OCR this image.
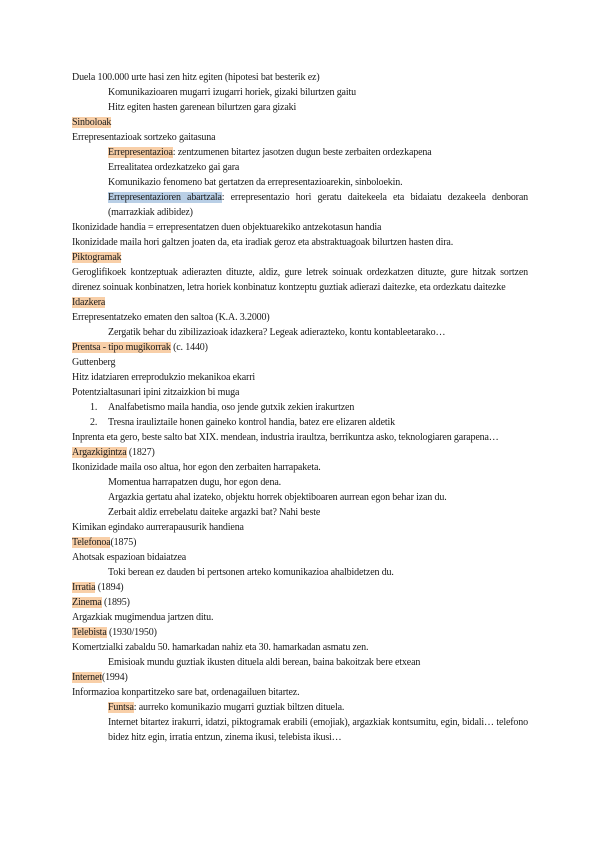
Duela 100.000 urte hasi zen hitz egiten (hipotesi bat besterik ez)

Komunikazioaren mugarri izugarri horiek, gizaki bilurtzen gaitu

Hitz egiten hasten garenean bilurtzen gara gizaki

Sinboloak

Errepresentazioak sortzeko gaitasuna

Errepresentazioa: zentzumenen bitartez jasotzen dugun beste zerbaiten ordezkapena

Errealitatea ordezkatzeko gai gara

Komunikazio fenomeno bat gertatzen da errepresentazioarekin, sinboloekin.

Errepresentazioren abartzala: errepresentazio hori geratu daitekeela eta bidaiatu dezakeela denboran (marrazkiak adibidez)

Ikonizidade handia = errepresentatzen duen objektuarekiko antzekotasun handia

Ikonizidade maila hori galtzen joaten da, eta iradiak geroz eta abstraktuagoak bilurtzen hasten dira.

Piktogramak

Geroglifikoek kontzeptuak adierazten dituzte, aldiz, gure letrek soinuak ordezkatzen dituzte, gure hitzak sortzen direnez soinuak konbinatzen, letra horiek konbinatuz kontzeptu guztiak adierazi daitezke, eta ordezkatu daitezke

Idazkera

Errepresentatzeko ematen den saltoa (K.A. 3.2000)

Zergatik behar du zibilizazioak idazkera? Legeak adierazteko, kontu kontableetarako…

Prentsa - tipo mugikorrak (c. 1440)

Guttenberg

Hitz idatziaren erreprodukzio mekanikoa ekarri

Potentzialtasunari ipini zitzaizkion bi muga

1. Analfabetismo maila handia, oso jende gutxik zekien irakurtzen

2. Tresna irauliztaile honen gaineko kontrol handia, batez ere elizaren aldetik

Inprenta eta gero, beste salto bat XIX. mendean, industria iraultza, berrikuntza asko, teknologiaren garapena…

Argazkigintza (1827)

Ikonizidade maila oso altua, hor egon den zerbaiten harrapaketa.

Momentua harrapatzen dugu, hor egon dena.

Argazkia gertatu ahal izateko, objektu horrek objektiboaren aurrean egon behar izan du.

Zerbait aldiz errebelatu daiteke argazki bat? Nahi beste

Kimikan egindako aurrerapausurik handiena

Telefonoa(1875)

Ahotsak espazioan bidaiatzea

Toki berean ez dauden bi pertsonen arteko komunikazioa ahalbidetzen du.

Irratia (1894)

Zinema (1895)

Argazkiak mugimendua jartzen ditu.

Telebista (1930/1950)

Komertzialki zabaldu 50. hamarkadan nahiz eta 30. hamarkadan asmatu zen.

Emisioak mundu guztiak ikusten dituela aldi berean, baina bakoitzak bere etxean

Internet(1994)

Informazioa konpartitzeko sare bat, ordenagailuen bitartez.

Funtsa: aurreko komunikazio mugarri guztiak biltzen dituela.

Internet bitartez irakurri, idatzi, piktogramak erabili (emojiak), argazkiak kontsumitu, egin, bidali… telefono bidez hitz egin, irratia entzun, zinema ikusi, telebista ikusi…
